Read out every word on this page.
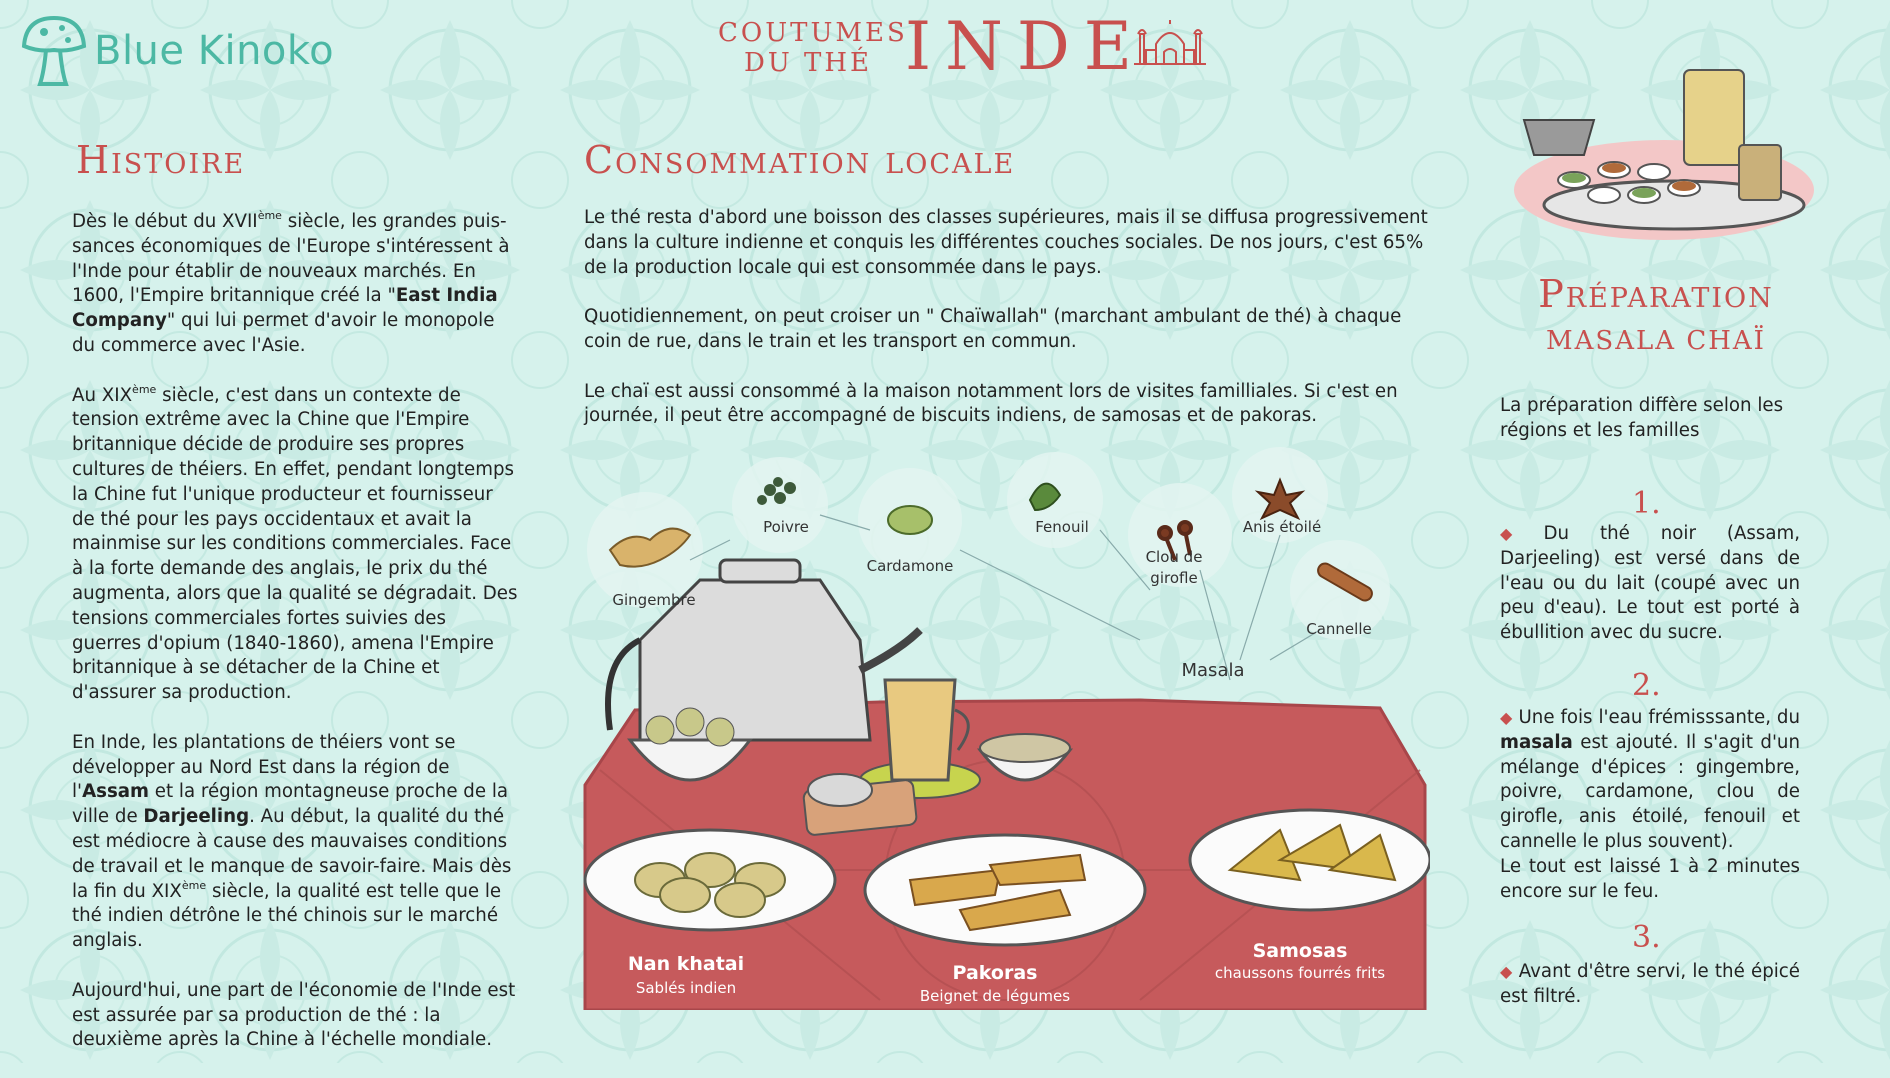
Blue Kinoko	COUTUMES
DU THÉ INDE
Histoire

Dès le début du XVIIème siècle, les grandes puis-sances économiques de l'Europe s'intéressent à l'Inde pour établir de nouveaux marchés. En 1600, l'Empire britannique créé la "East India Company" qui lui permet d'avoir le monopole du commerce avec l'Asie.

Au XIXème siècle, c'est dans un contexte de tension extrême avec la Chine que l'Empire britannique décide de produire ses propres cultures de théiers. En effet, pendant longtemps la Chine fut l'unique producteur et fournisseur de thé pour les pays occidentaux et avait la mainmise sur les conditions commerciales. Face à la forte demande des anglais, le prix du thé augmenta, alors que la qualité se dégradait. Des tensions commerciales fortes suivies des guerres d'opium (1840-1860), amena l'Empire britannique à se détacher de la Chine et d'assurer sa production.

En Inde, les plantations de théiers vont se développer au Nord Est dans la région de l'Assam et la région montagneuse proche de la ville de Darjeeling. Au début, la qualité du thé est médiocre à cause des mauvaises conditions de travail et le manque de savoir-faire. Mais dès la fin du XIXème siècle, la qualité est telle que le thé indien détrône le thé chinois sur le marché anglais.

Aujourd'hui, une part de l'économie de l'Inde est est assurée par sa production de thé : la deuxième après la Chine à l'échelle mondiale.

Consommation locale

Le thé resta d'abord une boisson des classes supérieures, mais il se diffusa progressivement dans la culture indienne et conquis les différentes couches sociales. De nos jours, c'est 65% de la production locale qui est consommée dans le pays.

Quotidiennement, on peut croiser un " Chaïwallah" (marchant ambulant de thé) à chaque coin de rue, dans le train et les transport en commun.

Le chaï est aussi consommé à la maison notamment lors de visites familliales. Si c'est en journée, il peut être accompagné de biscuits indiens, de samosas et de pakoras.

Gingembre
Poivre
Cardamone
Fenouil
Clou de
girofle
Anis étoilé
Cannelle
Masala
Nan khatai
Sablés indien
Pakoras
Beignet de légumes
Samosas
chaussons fourrés frits
Préparation
MASALA CHAÏ
La préparation diffère selon les régions et les familles
1.
◆ Du thé noir (Assam, Darjeeling) est versé dans de l'eau ou du lait (coupé avec un peu d'eau). Le tout est porté à ébullition avec du sucre.
2.
◆ Une fois l'eau frémisssante, du masala est ajouté. Il s'agit d'un mélange d'épices : gingembre, poivre, cardamone, clou de girofle, anis étoilé, fenouil et cannelle le plus souvent).
Le tout est laissé 1 à 2 minutes encore sur le feu.
3.
◆ Avant d'être servi, le thé épicé est filtré.
